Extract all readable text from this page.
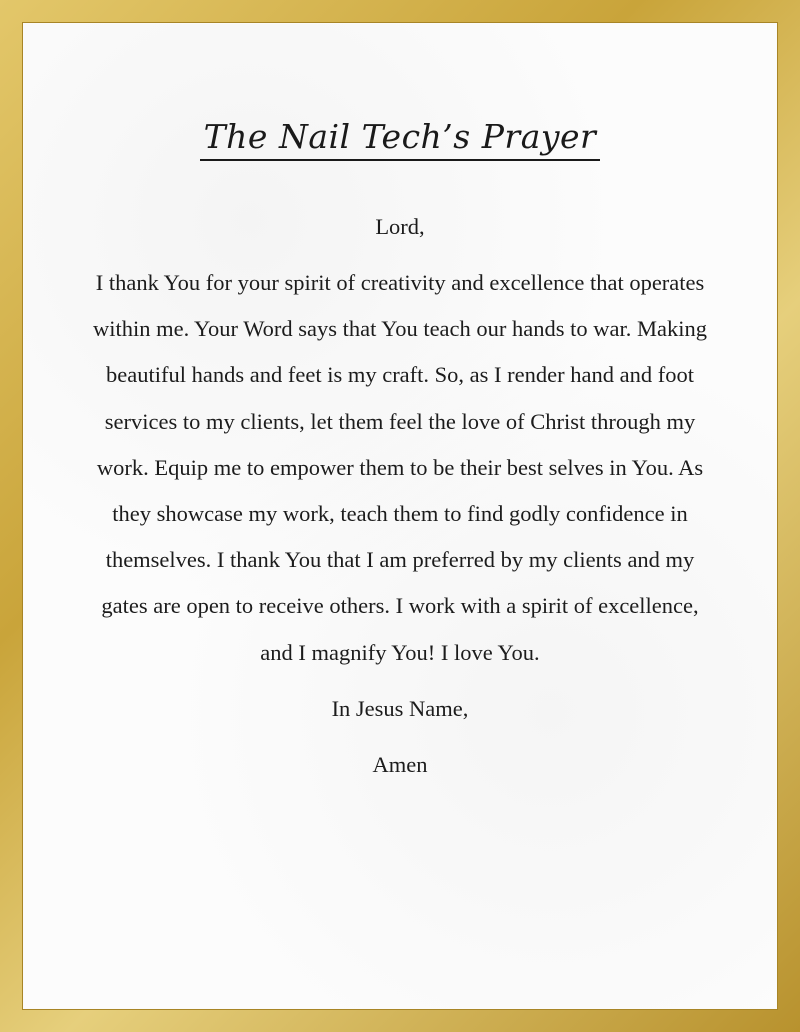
The Nail Tech’s Prayer

Lord,

I thank You for your spirit of creativity and excellence that operates within me. Your Word says that You teach our hands to war. Making beautiful hands and feet is my craft. So, as I render hand and foot services to my clients, let them feel the love of Christ through my work. Equip me to empower them to be their best selves in You. As they showcase my work, teach them to find godly confidence in themselves. I thank You that I am preferred by my clients and my gates are open to receive others. I work with a spirit of excellence, and I magnify You! I love You.

In Jesus Name,

Amen
